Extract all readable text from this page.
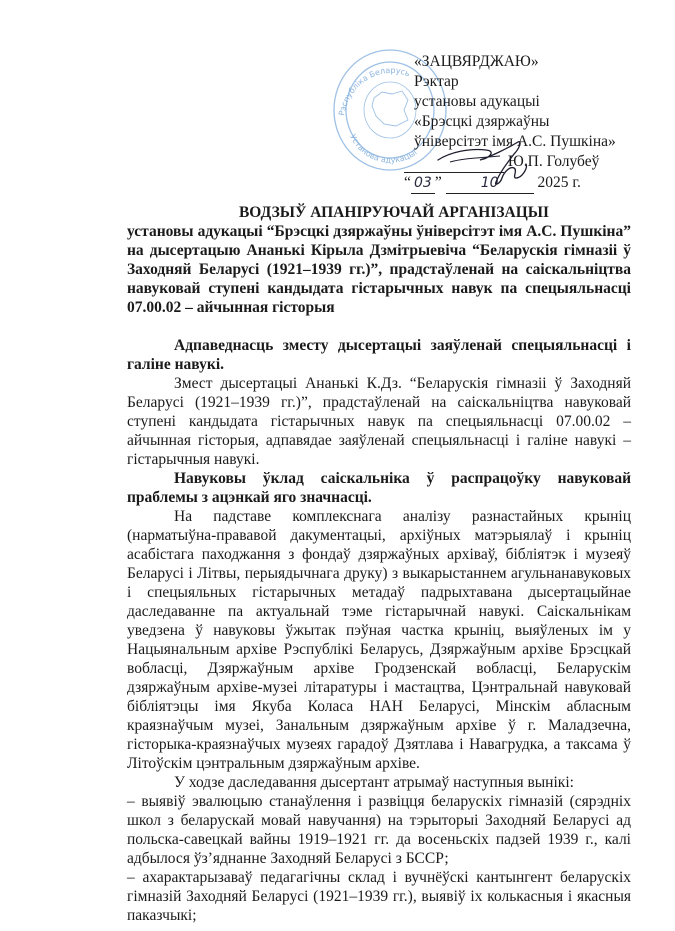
Рэспубліка Беларусь
Установа адукацыі
«ЗАЦВЯРДЖАЮ»
Рэктар
установы адукацыі
«Брэсцкі дзяржаўны
ўніверсітэт імя А.С. Пушкіна»
Ю.П. Голубеў
“ 03 ”	10	2025 г.
ВОДЗЫЎ АПАНІРУЮЧАЙ АРГАНІЗАЦЫІ
установы адукацыі “Брэсцкі дзяржаўны ўніверсітэт імя А.С. Пушкіна” на дысертацыю Ананькі Кірыла Дзмітрыевіча “Беларускія гімназіі ў Заходняй Беларусі (1921–1939 гг.)”, прадстаўленай на саіскальніцтва навуковай ступені кандыдата гістарычных навук па спецыяльнасці 07.00.02 – айчынная гісторыя
Адпаведнасць зместу дысертацыі заяўленай спецыяльнасці і галіне навукі.
Змест дысертацыі Ананькі К.Дз. “Беларускія гімназіі ў Заходняй Беларусі (1921–1939 гг.)”, прадстаўленай на саіскальніцтва навуковай ступені кандыдата гістарычных навук па спецыяльнасці 07.00.02 – айчынная гісторыя, адпавядае заяўленай спецыяльнасці і галіне навукі – гістарычныя навукі.
Навуковы ўклад саіскальніка ў распрацоўку навуковай праблемы з ацэнкай яго значнасці.
На падставе комплекснага аналізу разнастайных крыніц (нарматыўна-прававой дакументацыі, архіўных матэрыялаў і крыніц асабістага паходжання з фондаў дзяржаўных архіваў, бібліятэк і музеяў Беларусі і Літвы, перыядычнага друку) з выкарыстаннем агульнанавуковых і спецыяльных гістарычных метадаў падрыхтавана дысертацыйнае даследаванне па актуальнай тэме гістарычнай навукі. Саіскальнікам уведзена ў навуковы ўжытак пэўная частка крыніц, выяўленых ім у Нацыянальным архіве Рэспублікі Беларусь, Дзяржаўным архіве Брэсцкай вобласці, Дзяржаўным архіве Гродзенскай вобласці, Беларускім дзяржаўным архіве-музеі літаратуры і мастацтва, Цэнтральнай навуковай бібліятэцы імя Якуба Коласа НАН Беларусі, Мінскім абласным краязнаўчым музеі, Занальным дзяржаўным архіве ў г. Маладзечна, гісторыка-краязнаўчых музеях гарадоў Дзятлава і Навагрудка, а таксама ў Літоўскім цэнтральным дзяржаўным архіве.
У ходзе даследавання дысертант атрымаў наступныя вынікі:
– выявіў эвалюцыю станаўлення і развіцця беларускіх гімназій (сярэдніх школ з беларускай мовай навучання) на тэрыторыі Заходняй Беларусі ад польска-савецкай вайны 1919–1921 гг. да восеньскіх падзей 1939 г., калі адбылося ўз’яднанне Заходняй Беларусі з БССР;
– ахарактарызаваў педагагічны склад і вучнёўскі кантынгент беларускіх гімназій Заходняй Беларусі (1921–1939 гг.), выявіў іх колькасныя і якасныя паказчыкі;
